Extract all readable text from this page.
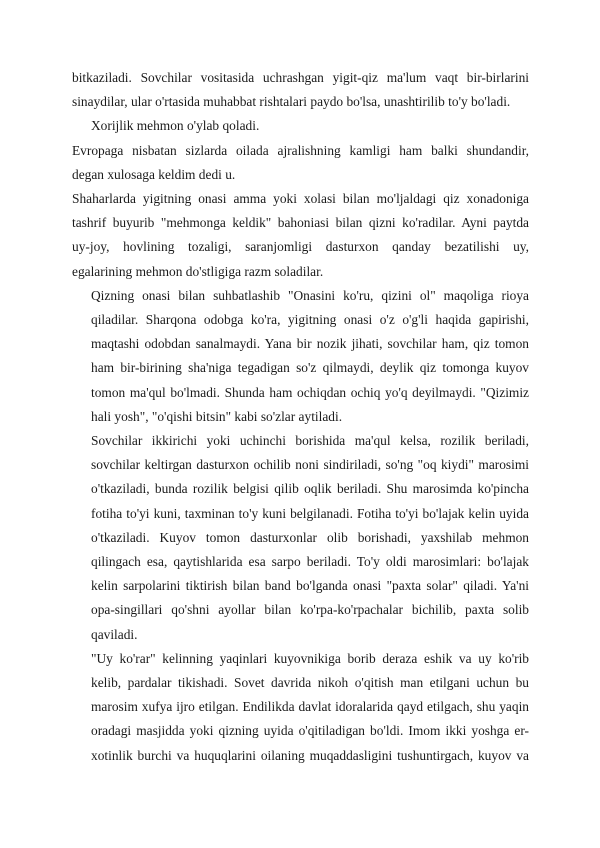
bitkaziladi. Sovchilar vositasida uchrashgan yigit-qiz ma'lum vaqt bir-birlarini
sinaydilar, ular o'rtasida muhabbat rishtalari paydo bo'lsa, unashtirilib to'y bo'ladi.

Xorijlik mehmon o'ylab qoladi.

Evropaga nisbatan sizlarda oilada ajralishning kamligi ham balki shundandir,
degan xulosaga keldim dedi u.

Shaharlarda yigitning onasi amma yoki xolasi bilan mo'ljaldagi qiz xonadoniga
tashrif buyurib "mehmonga keldik" bahoniasi bilan qizni ko'radilar. Ayni paytda
uy-joy, hovlining tozaligi, saranjomligi dasturxon qanday bezatilishi uy,
egalarining mehmon do'stligiga razm soladilar.

Qizning onasi bilan suhbatlashib "Onasini ko'ru, qizini ol" maqoliga rioya
qiladilar. Sharqona odobga ko'ra, yigitning onasi o'z o'g'li haqida gapirishi,
maqtashi odobdan sanalmaydi. Yana bir nozik jihati, sovchilar ham, qiz tomon
ham bir-birining sha'niga tegadigan so'z qilmaydi, deylik qiz tomonga kuyov
tomon ma'qul bo'lmadi. Shunda ham ochiqdan ochiq yo'q deyilmaydi. "Qizimiz
hali yosh", "o'qishi bitsin" kabi so'zlar aytiladi.

Sovchilar ikkirichi yoki uchinchi borishida ma'qul kelsa, rozilik beriladi,
sovchilar keltirgan dasturxon ochilib noni sindiriladi, so'ng "oq kiydi" marosimi
o'tkaziladi, bunda rozilik belgisi qilib oqlik beriladi. Shu marosimda ko'pincha
fotiha to'yi kuni, taxminan to'y kuni belgilanadi. Fotiha to'yi bo'lajak kelin uyida
o'tkaziladi. Kuyov tomon dasturxonlar olib borishadi, yaxshilab mehmon
qilingach esa, qaytishlarida esa sarpo beriladi. To'y oldi marosimlari: bo'lajak
kelin sarpolarini tiktirish bilan band bo'lganda onasi "paxta solar" qiladi. Ya'ni
opa-singillari qo'shni ayollar bilan ko'rpa-ko'rpachalar bichilib, paxta solib
qaviladi.

"Uy ko'rar" kelinning yaqinlari kuyovnikiga borib deraza eshik va uy ko'rib
kelib, pardalar tikishadi. Sovet davrida nikoh o'qitish man etilgani uchun bu
marosim xufya ijro etilgan. Endilikda davlat idoralarida qayd etilgach, shu yaqin
oradagi masjidda yoki qizning uyida o'qitiladigan bo'ldi. Imom ikki yoshga er-
xotinlik burchi va huquqlarini oilaning muqaddasligini tushuntirgach, kuyov va
